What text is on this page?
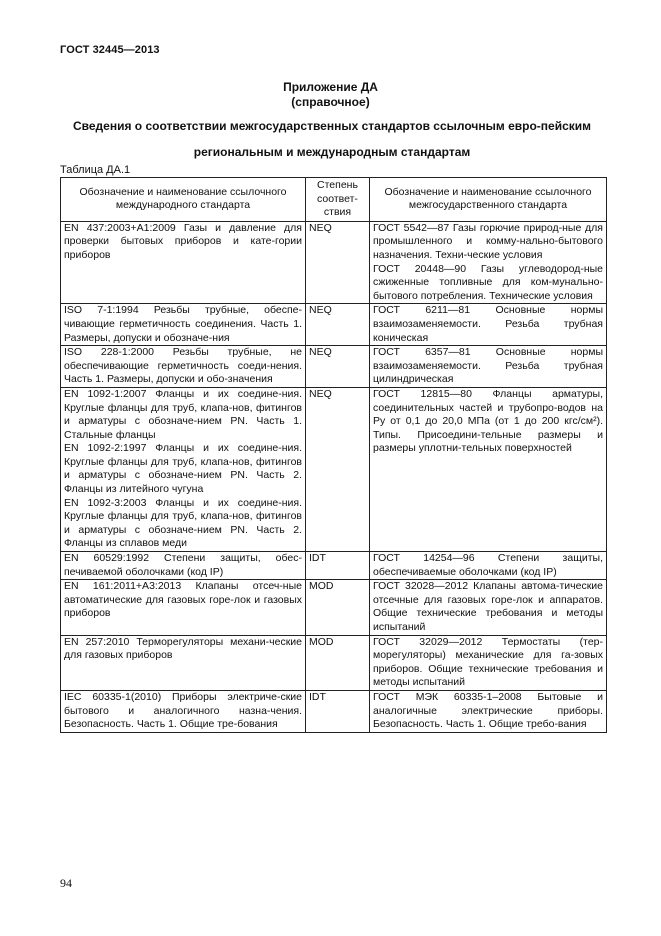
ГОСТ 32445—2013
Приложение ДА
(справочное)
Сведения о соответствии межгосударственных стандартов ссылочным евро-пейским региональным и международным стандартам
Таблица ДА.1
Обозначение и наименование ссылочного международного стандарта	Степень соответ-ствия	Обозначение и наименование ссылочного межгосударственного стандарта

EN 437:2003+A1:2009 Газы и давление для проверки бытовых приборов и кате-гории приборов	NEQ	ГОСТ 5542—87 Газы горючие природ-ные для промышленного и комму-нально-бытового назначения. Техни-ческие условия
ГОСТ 20448—90 Газы углеводород-ные сжиженные топливные для ком-мунально-бытового потребления. Технические условия

ISO 7-1:1994 Резьбы трубные, обеспе-чивающие герметичность соединения. Часть 1. Размеры, допуски и обозначе-ния	NEQ	ГОСТ 6211—81 Основные нормы взаимозаменяемости. Резьба трубная коническая

ISO 228-1:2000 Резьбы трубные, не обеспечивающие герметичность соеди-нения. Часть 1. Размеры, допуски и обо-значения	NEQ	ГОСТ 6357—81 Основные нормы взаимозаменяемости. Резьба трубная цилиндрическая

EN 1092-1:2007 Фланцы и их соедине-ния. Круглые фланцы для труб, клапа-нов, фитингов и арматуры с обозначе-нием PN. Часть 1. Стальные фланцы
EN 1092-2:1997 Фланцы и их соедине-ния. Круглые фланцы для труб, клапа-нов, фитингов и арматуры с обозначе-нием PN. Часть 2. Фланцы из литейного чугуна
EN 1092-3:2003 Фланцы и их соедине-ния. Круглые фланцы для труб, клапа-нов, фитингов и арматуры с обозначе-нием PN. Часть 2. Фланцы из сплавов меди	NEQ	ГОСТ 12815—80 Фланцы арматуры, соединительных частей и трубопро-водов на Ру от 0,1 до 20,0 МПа (от 1 до 200 кгс/см²). Типы. Присоедини-тельные размеры и размеры уплотни-тельных поверхностей

EN 60529:1992 Степени защиты, обес-печиваемой оболочками (код IP)	IDT	ГОСТ 14254—96 Степени защиты, обеспечиваемые оболочками (код IP)

EN 161:2011+A3:2013 Клапаны отсеч-ные автоматические для газовых горе-лок и газовых приборов	MOD	ГОСТ 32028—2012 Клапаны автома-тические отсечные для газовых горе-лок и аппаратов. Общие технические требования и методы испытаний

EN 257:2010 Терморегуляторы механи-ческие для газовых приборов	MOD	ГОСТ 32029—2012 Термостаты (тер-морегуляторы) механические для га-зовых приборов. Общие технические требования и методы испытаний

IEC 60335-1(2010) Приборы электриче-ские бытового и аналогичного назна-чения. Безопасность. Часть 1. Общие тре-бования	IDT	ГОСТ МЭК 60335-1–2008 Бытовые и аналогичные электрические приборы. Безопасность. Часть 1. Общие требо-вания
94
